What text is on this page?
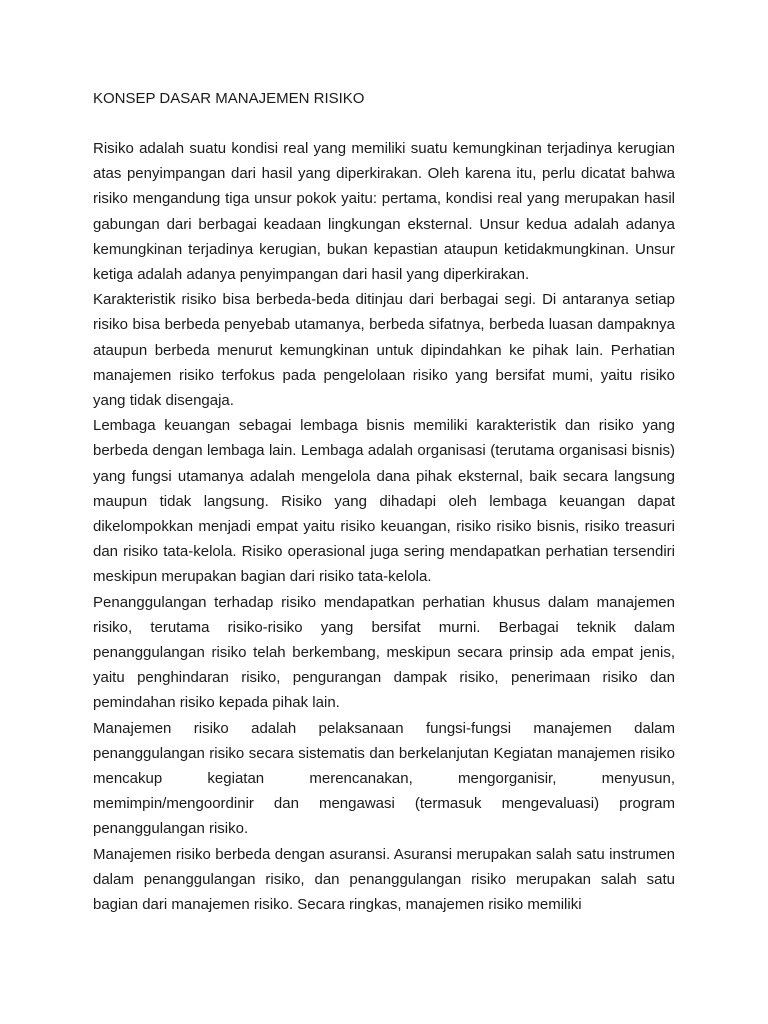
KONSEP DASAR MANAJEMEN RISIKO

Risiko adalah suatu kondisi real yang memiliki suatu kemungkinan terjadinya kerugian atas penyimpangan dari hasil yang diperkirakan. Oleh karena itu, perlu dicatat bahwa risiko mengandung tiga unsur pokok yaitu: pertama, kondisi real yang merupakan hasil gabungan dari berbagai keadaan lingkungan eksternal. Unsur kedua adalah adanya kemungkinan terjadinya kerugian, bukan kepastian ataupun ketidakmungkinan. Unsur ketiga adalah adanya penyimpangan dari hasil yang diperkirakan.

Karakteristik risiko bisa berbeda-beda ditinjau dari berbagai segi. Di antaranya setiap risiko bisa berbeda penyebab utamanya, berbeda sifatnya, berbeda luasan dampaknya ataupun berbeda menurut kemungkinan untuk dipindahkan ke pihak lain. Perhatian manajemen risiko terfokus pada pengelolaan risiko yang bersifat mumi, yaitu risiko yang tidak disengaja.

Lembaga keuangan sebagai lembaga bisnis memiliki karakteristik dan risiko yang berbeda dengan lembaga lain. Lembaga adalah organisasi (terutama organisasi bisnis) yang fungsi utamanya adalah mengelola dana pihak eksternal, baik secara langsung maupun tidak langsung. Risiko yang dihadapi oleh lembaga keuangan dapat dikelompokkan menjadi empat yaitu risiko keuangan, risiko risiko bisnis, risiko treasuri dan risiko tata-kelola. Risiko operasional juga sering mendapatkan perhatian tersendiri meskipun merupakan bagian dari risiko tata-kelola.

Penanggulangan terhadap risiko mendapatkan perhatian khusus dalam manajemen risiko, terutama risiko-risiko yang bersifat murni. Berbagai teknik dalam penanggulangan risiko telah berkembang, meskipun secara prinsip ada empat jenis, yaitu penghindaran risiko, pengurangan dampak risiko, penerimaan risiko dan pemindahan risiko kepada pihak lain.

Manajemen risiko adalah pelaksanaan fungsi-fungsi manajemen dalam penanggulangan risiko secara sistematis dan berkelanjutan Kegiatan manajemen risiko mencakup kegiatan merencanakan, mengorganisir, menyusun, memimpin/mengoordinir dan mengawasi (termasuk mengevaluasi) program penanggulangan risiko.

Manajemen risiko berbeda dengan asuransi. Asuransi merupakan salah satu instrumen dalam penanggulangan risiko, dan penanggulangan risiko merupakan salah satu bagian dari manajemen risiko. Secara ringkas, manajemen risiko memiliki
